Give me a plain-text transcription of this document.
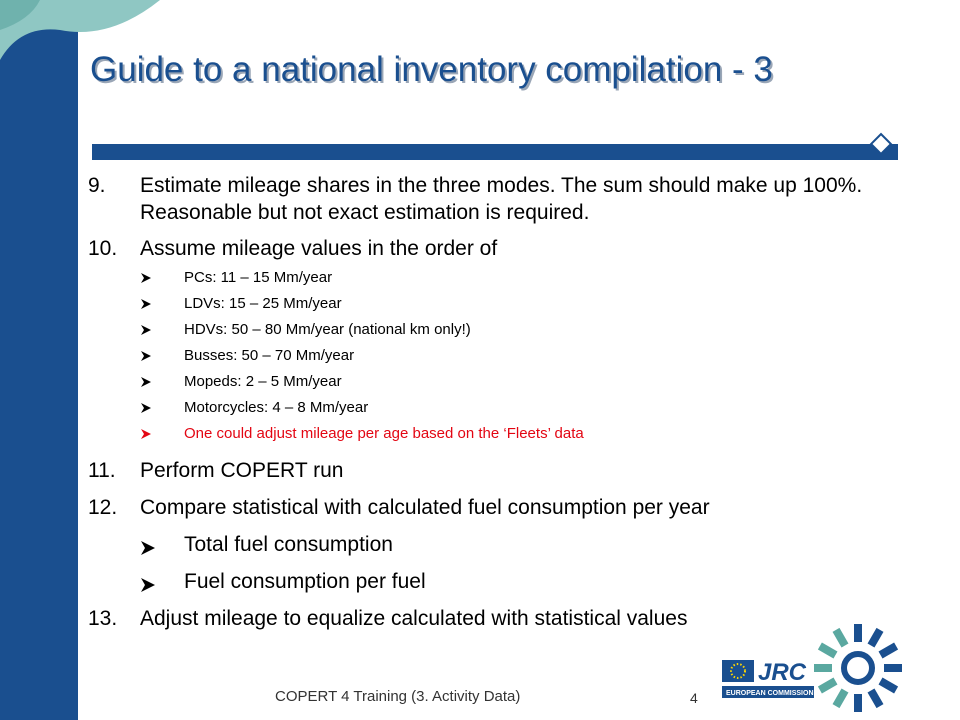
Guide to a national inventory compilation - 3
9. Estimate mileage shares in the three modes. The sum should make up 100%. Reasonable but not exact estimation is required.
10. Assume mileage values in the order of
PCs: 11 – 15 Mm/year
LDVs: 15 – 25 Mm/year
HDVs: 50 – 80 Mm/year (national km only!)
Busses: 50 – 70 Mm/year
Mopeds: 2 – 5 Mm/year
Motorcycles: 4 – 8 Mm/year
One could adjust mileage per age based on the ‘Fleets’ data
11. Perform COPERT run
12. Compare statistical with calculated fuel consumption per year
Total fuel consumption
Fuel consumption per fuel
13. Adjust mileage to equalize calculated with statistical values
COPERT 4 Training (3. Activity Data)	4
JRC
EUROPEAN COMMISSION
